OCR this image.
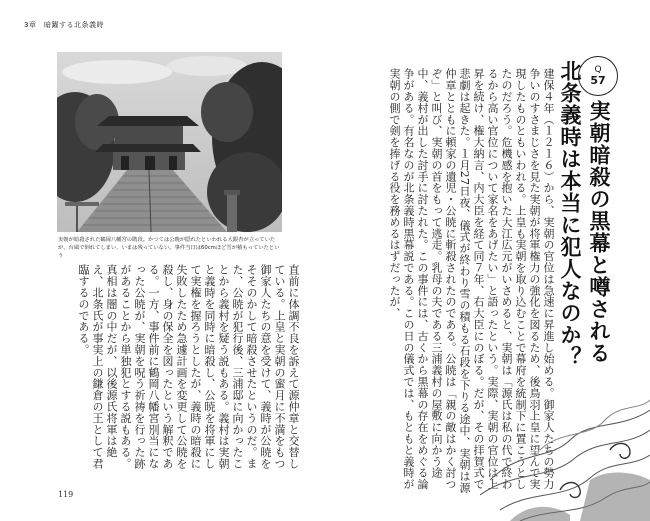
3章　暗躍する北条義時
実朝が暗殺された鶴岡八幡宮の階段。かつては公暁が隠れたといわれる大銀杏が立っていたが、台風で倒れてしまい、いまは残っていない。事件当日は60cmほど雪が積もっていたという
Q
57
実朝暗殺の黒幕と噂される
北条義時は本当に犯人なのか？
建保４年（１２１６）から、実朝の官位は急速に昇進し始める。御家人たちの勢力争いのすさまじさを見た実朝が将軍権力の強化を図るため、後鳥羽上皇に望んで実現したものともいわれる。上皇も実朝を取り込むことで幕府を統制下に置こうとしたのだろう。危機感を抱いた大江広元がいさめると、実朝は「源氏は私の代で終わるから高い官位について家名をあげたい」と語ったという。実際、実朝の官位は上昇を続け、権大納言、内大臣を経て同７年、右大臣にのぼる。だが、その拝賀式で悲劇は起きた。１月27日夜、儀式が終わり雪の積もる石段を下りる途中、実朝は源仲章とともに頼家の遺児・公暁に斬殺されたのである。公暁は「親の敵はかく討つぞ」と叫び、実朝の首をもって逃走。乳母の夫である三浦義村の屋敷に向かう途中、義村が出した討手に討たれた。この事件には、古くから黒幕の存在をめぐる論争がある。有名なのが北条義時黒幕説である。この日の儀式では、もともと義時が実朝の側で剣を捧げる役を務めるはずだったが、
直前に体調不良を訴えて源仲章と交替している。上皇と実朝の蜜月に不満をもつ御家人たちの意を受けて、義時が公暁をそそのかして暗殺させたというのだ。また、公暁が犯行後、三浦邸に向かったことから義村を疑う説もある。義村は実朝と義時を同時に暗殺し、公暁を将軍にして実権を握ろうとしたが、義時の暗殺に失敗したため急遽計画を変更して公暁を殺し、身の保全を図ったという解釈である。一方、事件前に鶴岡八幡宮別当になった公暁が、実朝を呪う祈祷を行った跡があることから単独犯とする説もある。真相は闇の中だが、以後源氏将軍は絶え、北条氏が事実上の鎌倉の王として君臨するのである。
119
